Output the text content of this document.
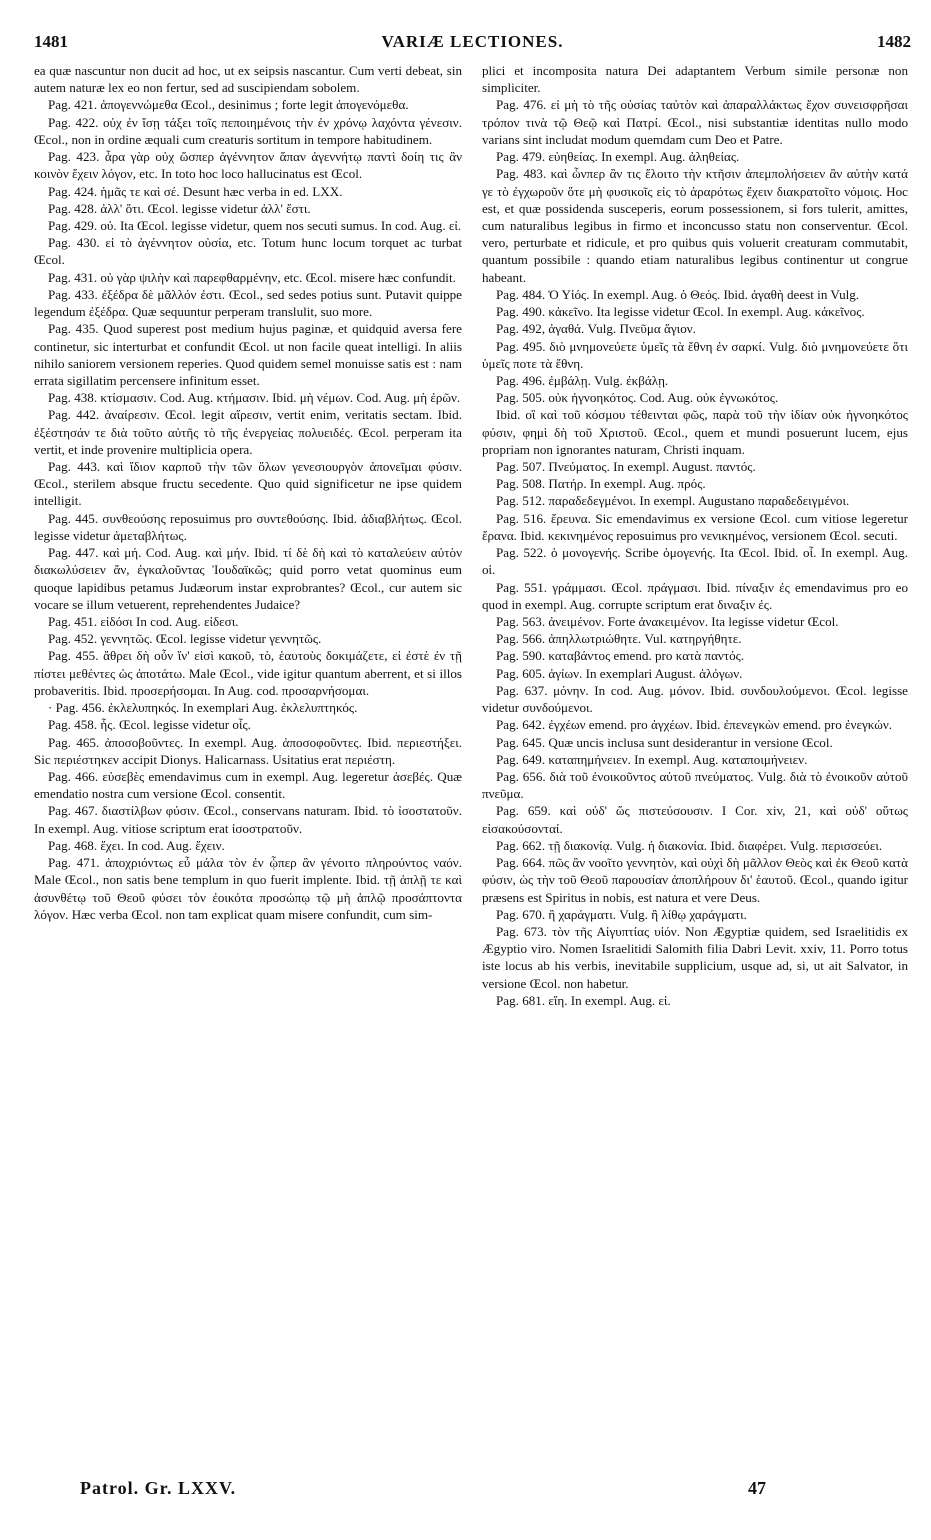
1481	VARIÆ LECTIONES.	1482

ea quæ nascuntur non ducit ad hoc, ut ex seipsis nascantur. Cum verti debeat, sin autem naturæ lex eo non fertur, sed ad suscipiendam sobolem.

Pag. 421. ἀπογεννώμεθα Œcol., desinimus ; forte legit ἀπογενόμεθα.

Pag. 422. οὐχ ἐν ἴσῃ τάξει τοῖς πεποιημένοις τὴν ἐν χρόνῳ λαχόντα γένεσιν. Œcol., non in ordine æquali cum creaturis sortitum in tempore habitudinem.

Pag. 423. ἆρα γὰρ οὐχ ὥσπερ ἀγέννητον ἅπαν ἀγεννήτῳ παντὶ δοίη τις ἂν κοινὸν ἔχειν λόγον, etc. In toto hoc loco hallucinatus est Œcol.

Pag. 424. ἡμᾶς τε καὶ σέ. Desunt hæc verba in ed. LXX.

Pag. 428. ἀλλ' ὅτι. Œcol. legisse videtur ἀλλ' ἔστι.

Pag. 429. οὐ. Ita Œcol. legisse videtur, quem nos secuti sumus. In cod. Aug. εἰ.

Pag. 430. εἰ τὸ ἀγέννητον οὐσία, etc. Totum hunc locum torquet ac turbat Œcol.

Pag. 431. οὐ γὰρ ψιλὴν καὶ παρεφθαρμένην, etc. Œcol. misere hæc confundit.

Pag. 433. ἐξέδρα δὲ μᾶλλόν ἐστι. Œcol., sed sedes potius sunt. Putavit quippe legendum ἐξέδρα. Quæ sequuntur perperam translulit, suo more.

Pag. 435. Quod superest post medium hujus paginæ, et quidquid aversa fere continetur, sic interturbat et confundit Œcol. ut non facile queat intelligi. In aliis nihilo saniorem versionem reperies. Quod quidem semel monuisse satis est : nam errata sigillatim percensere infinitum esset.

Pag. 438. κτίσμασιν. Cod. Aug. κτήμασιν. Ibid. μὴ νέμων. Cod. Aug. μὴ ἐρῶν.

Pag. 442. ἀναίρεσιν. Œcol. legit αἵρεσιν, vertit enim, veritatis sectam. Ibid. ἐξέστησάν τε διὰ τοῦτο αὐτῆς τὸ τῆς ἐνεργείας πολυειδές. Œcol. perperam ita vertit, et inde provenire multiplicia opera.

Pag. 443. καὶ ἴδιον καρποῦ τὴν τῶν ὅλων γενεσιουργὸν ἀπονεῖμαι φύσιν. Œcol., sterilem absque fructu secedente. Quo quid significetur ne ipse quidem intelligit.

Pag. 445. συνθεούσης reposuimus pro συντεθούσης. Ibid. ἀδιαβλήτως. Œcol. legisse videtur ἀμεταβλήτως.

Pag. 447. καὶ μή. Cod. Aug. καὶ μήν. Ibid. τί δὲ δὴ καὶ τὸ καταλεύειν αὐτὸν διακωλύσειεν ἄν, ἐγκαλοῦντας Ἰουδαϊκῶς; quid porro vetat quominus eum quoque lapidibus petamus Judæorum instar exprobrantes? Œcol., cur autem sic vocare se illum vetuerent, reprehendentes Judaice?

Pag. 451. εἰδόσι In cod. Aug. εἰδεσι.

Pag. 452. γεννητῶς. Œcol. legisse videtur γεννητῶς.

Pag. 455. ἄθρει δὴ οὖν ἵν' εἰσὶ κακοῦ, τὸ, ἑαυτοὺς δοκιμάζετε, εἰ ἐστὲ ἐν τῇ πίστει μεθέντες ὡς ἀποτάτω. Male Œcol., vide igitur quantum aberrent, et si illos probaveritis. Ibid. προσερήσομαι. In Aug. cod. προσαρνήσομαι.

· Pag. 456. ἐκλελυπηκός. In exemplari Aug. ἐκλελυπτηκός.

Pag. 458. ἧς. Œcol. legisse videtur οἷς.

Pag. 465. ἀποσοβοῦντες. In exempl. Aug. ἀποσοφοῦντες. Ibid. περιεστήξει. Sic περιέστηκεν accipit Dionys. Halicarnass. Usitatius erat περιέστη.

Pag. 466. εὐσεβὲς emendavimus cum in exempl. Aug. legeretur ἀσεβές. Quæ emendatio nostra cum versione Œcol. consentit.

Pag. 467. διαστίλβων φύσιν. Œcol., conservans naturam. Ibid. τὸ ἰσοστατοῦν. In exempl. Aug. vitiose scriptum erat ἰσοστρατοῦν.

Pag. 468. ἔχει. In cod. Aug. ἔχειν.

Pag. 471. ἀποχριόντως εὖ μάλα τὸν ἐν ᾧπερ ἂν γένοιτο πληρούντος ναόν. Male Œcol., non satis bene templum in quo fuerit implente. Ibid. τῇ ἁπλῇ τε καὶ ἀσυνθέτῳ τοῦ Θεοῦ φύσει τὸν ἐοικότα προσώπῳ τῷ μὴ ἁπλῷ προσάπτοντα λόγον. Hæc verba Œcol. non tam explicat quam misere confundit, cum sim-

plici et incomposita natura Dei adaptantem Verbum simile personæ non simpliciter.

Pag. 476. εἰ μὴ τὸ τῆς οὐσίας ταὐτὸν καὶ ἀπαραλλάκτως ἔχον συνεισφρῆσαι τρόπον τινὰ τῷ Θεῷ καὶ Πατρί. Œcol., nisi substantiæ identitas nullo modo varians sint includat modum quemdam cum Deo et Patre.

Pag. 479. εὐηθείας. In exempl. Aug. ἀληθείας.

Pag. 483. καὶ ὧνπερ ἂν τις ἕλοιτο τὴν κτῆσιν ἀπεμπολήσειεν ἂν αὐτὴν κατά γε τὸ ἐγχωροῦν ὅτε μὴ φυσικοῖς εἰς τὸ ἀραρότως ἔχειν διακρατοῖτο νόμοις. Hoc est, et quæ possidenda susceperis, eorum possessionem, si fors tulerit, amittes, cum naturalibus legibus in firmo et inconcusso statu non conserventur. Œcol. vero, perturbate et ridicule, et pro quibus quis voluerit creaturam commutabit, quantum possibile : quando etiam naturalibus legibus continentur ut congrue habeant.

Pag. 484. Ὁ Υἱός. In exempl. Aug. ὁ Θεός. Ibid. ἀγαθὴ deest in Vulg.

Pag. 490. κἀκεῖνο. Ita legisse videtur Œcol. In exempl. Aug. κἀκεῖνος.

Pag. 492, ἀγαθά. Vulg. Πνεῦμα ἅγιον.

Pag. 495. διὸ μνημονεύετε ὑμεῖς τὰ ἔθνη ἐν σαρκί. Vulg. διὸ μνημονεύετε ὅτι ὑμεῖς ποτε τὰ ἔθνη.

Pag. 496. ἐμβάλῃ. Vulg. ἐκβάλῃ.

Pag. 505. οὐκ ἠγνοηκότος. Cod. Aug. οὐκ ἐγνωκότος.

Ibid. οἳ καὶ τοῦ κόσμου τέθεινται φῶς, παρὰ τοῦ τὴν ἰδίαν οὐκ ἠγνοηκότος φύσιν, φημὶ δὴ τοῦ Χριστοῦ. Œcol., quem et mundi posuerunt lucem, ejus propriam non ignorantes naturam, Christi inquam.

Pag. 507. Πνεύματος. In exempl. August. παντός.

Pag. 508. Πατήρ. In exempl. Aug. πρός.

Pag. 512. παραδεδεγμένοι. In exempl. Augustano παραδεδειγμένοι.

Pag. 516. ἔρευνα. Sic emendavimus ex versione Œcol. cum vitiose legeretur ἔρανα. Ibid. κεκινημένος reposuimus pro νενικημένος, versionem Œcol. secuti.

Pag. 522. ὁ μονογενής. Scribe ὁμογενής. Ita Œcol. Ibid. οἷ. In exempl. Aug. οἱ.

Pag. 551. γράμμασι. Œcol. πράγμασι. Ibid. πίναξιν ἐς emendavimus pro eo quod in exempl. Aug. corrupte scriptum erat διναξιν ἐς.

Pag. 563. ἀνειμένον. Forte ἀνακειμένον. Ita legisse videtur Œcol.

Pag. 566. ἀπηλλωτριώθητε. Vul. κατηργήθητε.

Pag. 590. καταβάντος emend. pro κατὰ παντός.

Pag. 605. ἀγίων. In exemplari August. ἀλόγων.

Pag. 637. μόνην. In cod. Aug. μόνον. Ibid. συνδουλούμενοι. Œcol. legisse videtur συνδούμενοι.

Pag. 642. ἐγχέων emend. pro ἀγχέων. Ibid. ἐπενεγκὼν emend. pro ἐνεγκών.

Pag. 645. Quæ uncis inclusa sunt desiderantur in versione Œcol.

Pag. 649. καταπημήνειεν. In exempl. Aug. καταποιμήνειεν.

Pag. 656. διὰ τοῦ ἐνοικοῦντος αὐτοῦ πνεύματος. Vulg. διὰ τὸ ἐνοικοῦν αὐτοῦ πνεῦμα.

Pag. 659. καὶ οὐδ' ὥς πιστεύσουσιν. I Cor. xiv, 21, καὶ οὐδ' οὕτως εἰσακούσονταί.

Pag. 662. τῇ διακονίᾳ. Vulg. ἡ διακονία. Ibid. διαφέρει. Vulg. περισσεύει.

Pag. 664. πῶς ἂν νοοῖτο γεννητὸν, καὶ οὐχὶ δὴ μᾶλλον Θεὸς καὶ ἐκ Θεοῦ κατὰ φύσιν, ὡς τὴν τοῦ Θεοῦ παρουσίαν ἀποπλήρουν δι' ἑαυτοῦ. Œcol., quando igitur præsens est Spiritus in nobis, est natura et vere Deus.

Pag. 670. ἢ χαράγματι. Vulg. ἢ λίθῳ χαράγματι.

Pag. 673. τὸν τῆς Αἰγυπτίας υἱόν. Non Ægyptiæ quidem, sed Israelitidis ex Ægyptio viro. Nomen Israelitidi Salomith filia Dabri Levit. xxiv, 11. Porro totus iste locus ab his verbis, inevitabile supplicium, usque ad, si, ut ait Salvator, in versione Œcol. non habetur.

Pag. 681. εἴη. In exempl. Aug. εἰ.

Patrol. Gr. LXXV.	47
